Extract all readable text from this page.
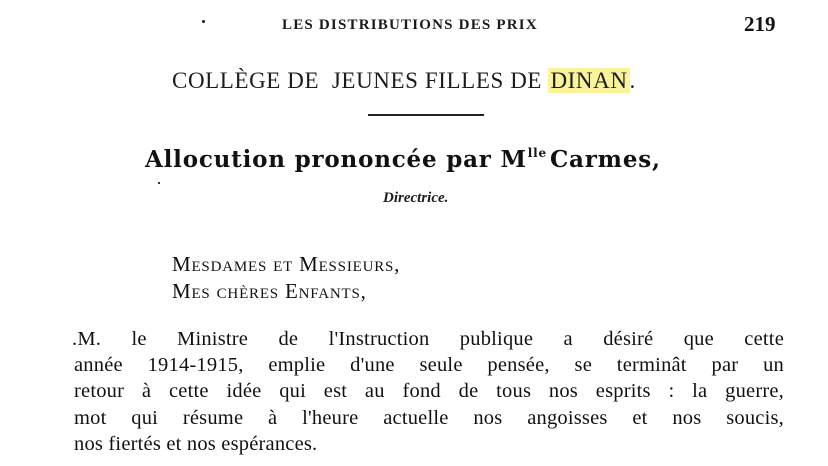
LES DISTRIBUTIONS DES PRIX	219
COLLÈGE DE  JEUNES FILLES DE DINAN.
Allocution prononcée par $M^{lle}$ Carmes,
Directrice.
Mesdames et Messieurs,
Mes chères Enfants,
.M. le Ministre de l'Instruction publique a désiré que cette
année 1914-1915, emplie d'une seule pensée, se terminât par un
retour à cette idée qui est au fond de tous nos esprits : la guerre,
mot qui résume à l'heure actuelle nos angoisses et nos soucis,
nos fiertés et nos espérances.
